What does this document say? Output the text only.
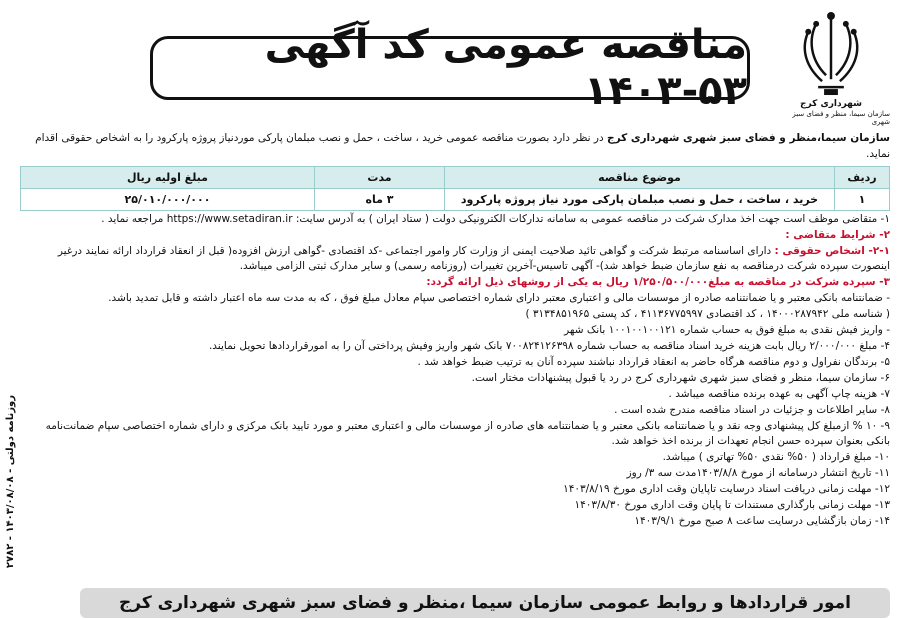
شهرداری کرج
سازمان سیما، منظر و فضای سبز شهری
مناقصه عمومی کد آگهی ۵۳-۱۴۰۳
روزنامه دولتی - ۱۴۰۳/۰۸/۰۸ - ۲۷۸۲
سازمان سیما،منظر و فضای سبز شهری شهرداری کرج در نظر دارد بصورت مناقصه عمومی خرید ، ساخت ، حمل و نصب مبلمان پارکی موردنیاز پروژه پارکرود را به اشخاص حقوقی اقدام نماید.
ردیف	موضوع مناقصه	مدت	مبلغ اولیه ریال
۱	خرید ، ساخت ، حمل و نصب مبلمان پارکی مورد نیاز پروژه پارکرود	۳ ماه	۲۵/۰۱۰/۰۰۰/۰۰۰
۱- متقاضی موظف است جهت اخذ مدارک شرکت در مناقصه عمومی به سامانه تدارکات الکترونیکی دولت ( ستاد ایران ) به آدرس سایت: https://www.setadiran.ir مراجعه نماید .
۲- شرایط متقاضی :
۲-۱- اشخاص حقوقی : دارای اساسنامه مرتبط شرکت و گواهی تائید صلاحیت ایمنی از وزارت کار وامور اجتماعی -کد اقتصادی -گواهی ارزش افزوده( قبل از انعقاد قرارداد ارائه نمایند درغیر اینصورت سپرده شرکت درمناقصه به نفع سازمان ضبط خواهد شد)- آگهی تاسیس-آخرین تغییرات (روزنامه رسمی) و سایر مدارک ثبتی الزامی میباشد.
۳- سپرده شرکت در مناقصه به مبلغ۱/۲۵۰/۵۰۰/۰۰۰ ریال به یکی از روشهای ذیل ارائه گردد:
- ضمانتنامه بانکی معتبر و یا ضمانتنامه صادره از موسسات مالی و اعتباری معتبر دارای شماره اختصاصی سپام معادل مبلغ فوق ، که به مدت سه ماه اعتبار داشته و قابل تمدید باشد.
( شناسه ملی ۱۴۰۰۰۲۸۷۹۴۲ ، کد اقتصادی ۴۱۱۳۶۷۷۵۹۹۷ ، کد پستی ۳۱۳۴۸۵۱۹۶۵ )
- واریز فیش نقدی به مبلغ فوق به حساب شماره ۱۰۰۱۰۰۱۰۰۱۲۱ بانک شهر
۴- مبلغ ۲/۰۰۰/۰۰۰ ریال بابت هزینه خرید اسناد مناقصه به حساب شماره ۷۰۰۸۲۴۱۲۶۳۹۸ بانک شهر واریز وفیش پرداختی آن را به امورقراردادها تحویل نمایند.
۵- برندگان نفراول و دوم مناقصه هرگاه حاضر به انعقاد قرارداد نباشند سپرده آنان به ترتیب ضبط خواهد شد .
۶- سازمان سیما، منظر و فضای سبز شهری شهرداری کرج در رد یا قبول پیشنهادات مختار است.
۷- هزینه چاپ آگهی به عهده برنده مناقصه میباشد .
۸- سایر اطلاعات و جزئیات در اسناد مناقصه مندرج شده است .
۹- ۱۰ % ازمبلغ کل پیشنهادی وجه نقد و یا ضمانتنامه بانکی معتبر و یا ضمانتنامه های صادره از موسسات مالی و اعتباری معتبر و مورد تایید بانک مرکزی و دارای شماره اختصاصی سپام ضمانت‌نامه بانکی بعنوان سپرده حسن انجام تعهدات از برنده اخذ خواهد شد.
۱۰- مبلغ قرارداد ( ۵۰% نقدی ۵۰% تهاتری ) میباشد.
۱۱- تاریخ انتشار درسامانه از مورخ ۱۴۰۳/۸/۸مدت سه ۳/ روز
۱۲- مهلت زمانی دریافت اسناد درسایت تاپایان وقت اداری مورخ ۱۴۰۳/۸/۱۹
۱۳- مهلت زمانی بارگذاری مستندات تا پایان وقت اداری مورخ ۱۴۰۳/۸/۳۰
۱۴- زمان بازگشایی درسایت ساعت ۸ صبح مورخ ۱۴۰۳/۹/۱
امور قراردادها و روابط عمومی سازمان سیما ،منظر و فضای سبز شهری شهرداری کرج
